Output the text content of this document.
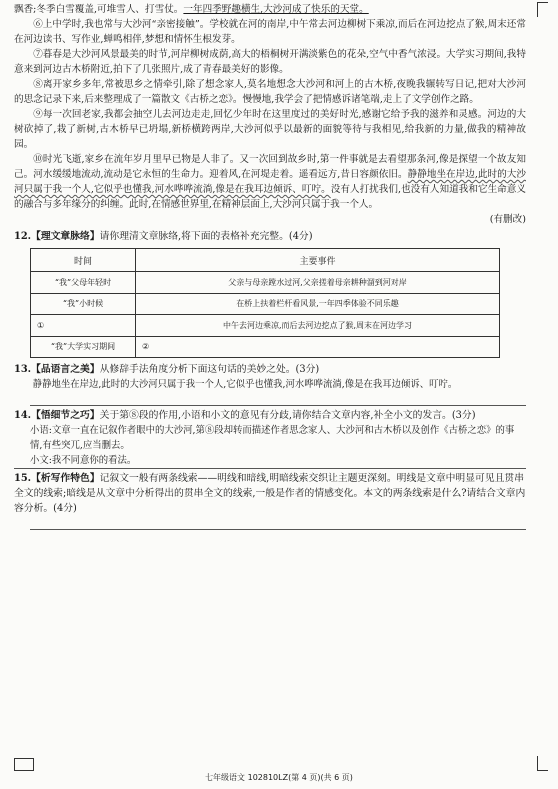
飘香;冬季白雪覆盖,可堆雪人、打雪仗。一年四季野趣横生,大沙河成了快乐的天堂。

⑥上中学时,我也常与大沙河“亲密接触”。学校就在河的南岸,中午常去河边柳树下乘凉,而后在河边挖点了猴,周末还常在河边读书、写作业,蝉鸣相伴,梦想和情怀生根发芽。

⑦暮春是大沙河风景最美的时节,河岸柳树成荫,高大的梧桐树开满淡紫色的花朵,空气中香气浓浸。大学实习期间,我特意来到河边古木桥附近,拍下了几张照片,成了青春最美好的影像。

⑧离开家乡多年,常被思乡之情牵引,除了想念家人,莫名地想念大沙河和河上的古木桥,夜晚我辗转写日记,把对大沙河的思念记录下来,后来整理成了一篇散文《古桥之恋》。慢慢地,我学会了把情感诉诸笔端,走上了文学创作之路。

⑨每一次回老家,我都会抽空儿去河边走走,回忆少年时在这里度过的美好时光,感谢它给予我的滋养和灵感。河边的大树砍掉了,栽了新树,古木桥早已坍塌,新桥横跨两岸,大沙河似乎以最新的面貌等待与我相见,给我新的力量,做我的精神故园。

⑩时光飞逝,家乡在流年岁月里早已物是人非了。又一次回到故乡时,第一件事就是去看望那条河,像是探望一个故友知己。河水缓缓地流动,流动是它永恒的生命力。迎着风,在河堤走着。遥看远方,昔日容颜依旧。静静地坐在岸边,此时的大沙河只属于我一个人,它似乎也懂我,河水哗哗流淌,像是在我耳边倾诉、叮咛。没有人打扰我们,也没有人知道我和它生命意义的融合与多年缘分的纠缠。此时,在情感世界里,在精神层面上,大沙河只属于我一个人。

(有删改)

12.【理文章脉络】请你理清文章脉络,将下面的表格补充完整。(4分)

时间	主要事件
“我”父母年轻时	父亲与母亲蹚水过河,父亲搓着母亲耕种溜到河对岸
“我”小时候	在桥上扶着栏杆看风景,一年四季体验不同乐趣
①	中午去河边乘凉,而后去河边挖点了猴,周末在河边学习
“我”大学实习期间	②

13.【品语言之美】从修辞手法角度分析下面这句话的美妙之处。(3分)

静静地坐在岸边,此时的大沙河只属于我一个人,它似乎也懂我,河水哗哗流淌,像是在我耳边倾诉、叮咛。

14.【悟细节之巧】关于第⑧段的作用,小语和小文的意见有分歧,请你结合文章内容,补全小文的发言。(3分)

小语:文章一直在记叙作者眼中的大沙河,第⑧段却转而描述作者思念家人、大沙河和古木桥以及创作《古桥之恋》的事情,有些突兀,应当删去。

小文:我不同意你的看法。

15.【析写作特色】记叙文一般有两条线索——明线和暗线,明暗线索交织让主题更深刻。明线是文章中明显可见且贯串全文的线索;暗线是从文章中分析得出的贯串全文的线索,一般是作者的情感变化。本文的两条线索是什么?请结合文章内容分析。(4分)

七年级语文 102810LZ(第 4 页)(共 6 页)
